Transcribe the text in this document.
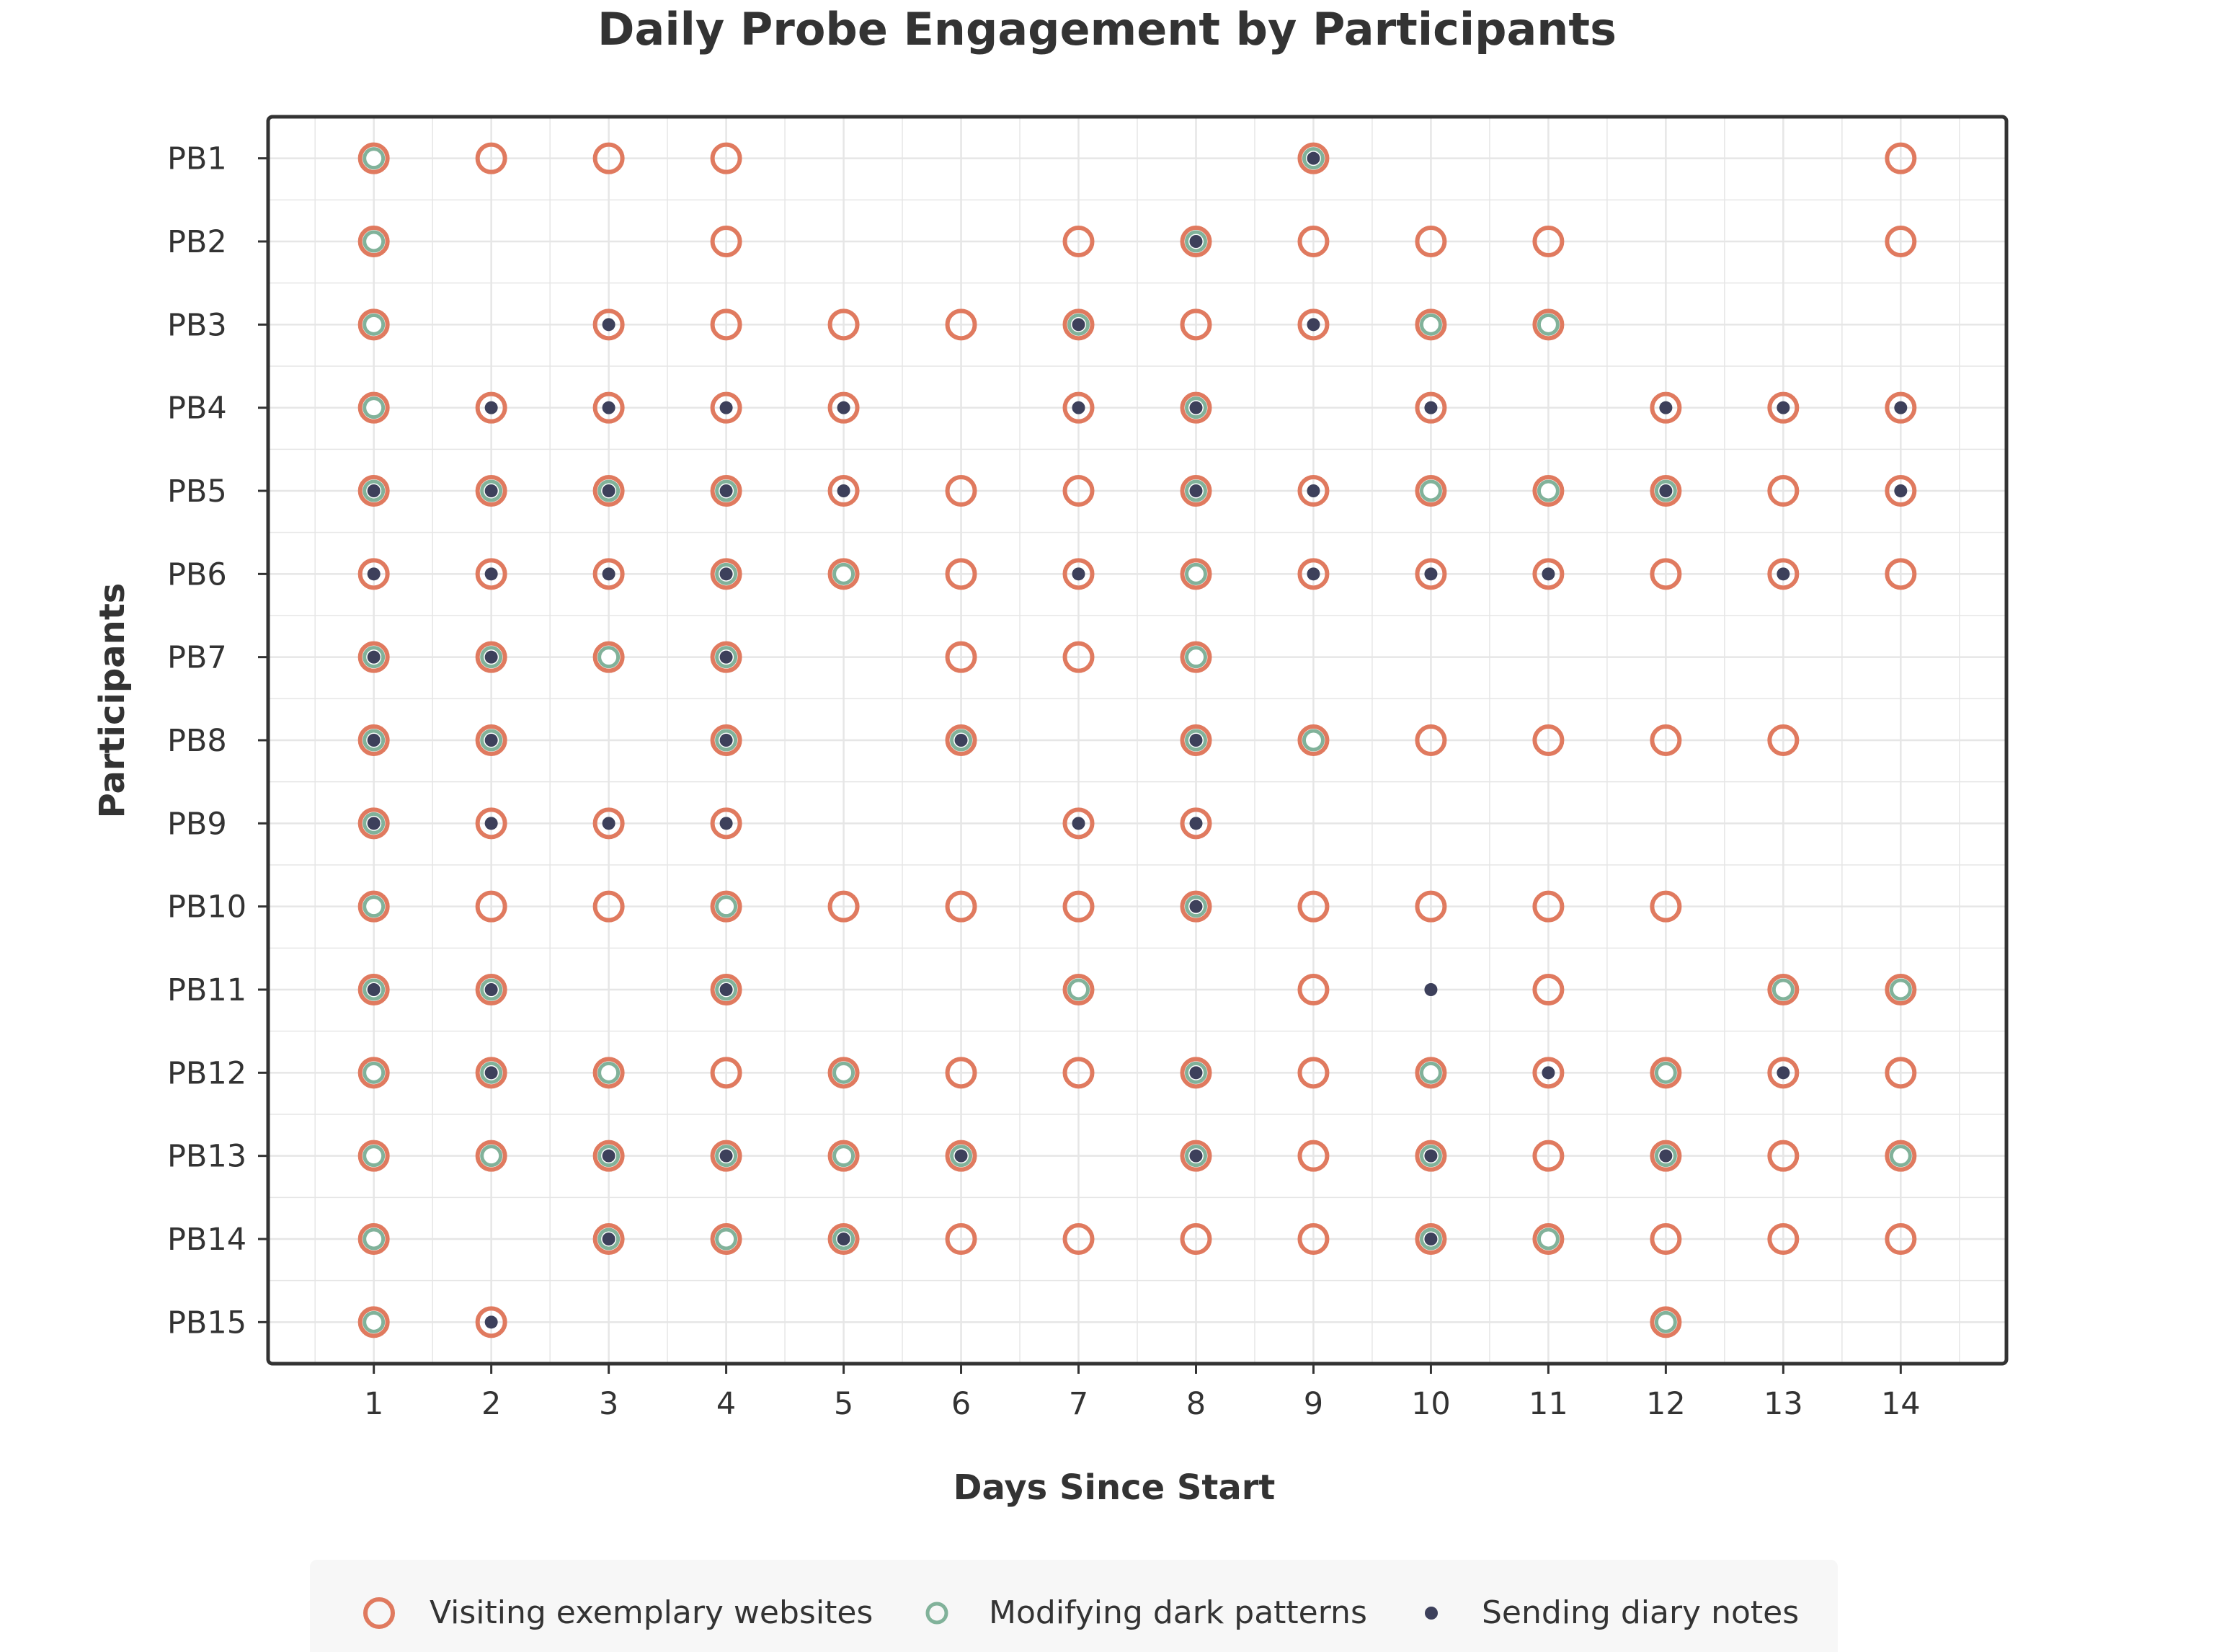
Daily Probe Engagement by Participants
PB1
PB2
PB3
PB4
PB5
PB6
PB7
PB8
PB9
PB10
PB11
PB12
PB13
PB14
PB15
1	2	3	4	5	6	7	8	9	10	11	12	13	14
Days Since Start
Participants
Visiting exemplary websites	Modifying dark patterns	Sending diary notes
